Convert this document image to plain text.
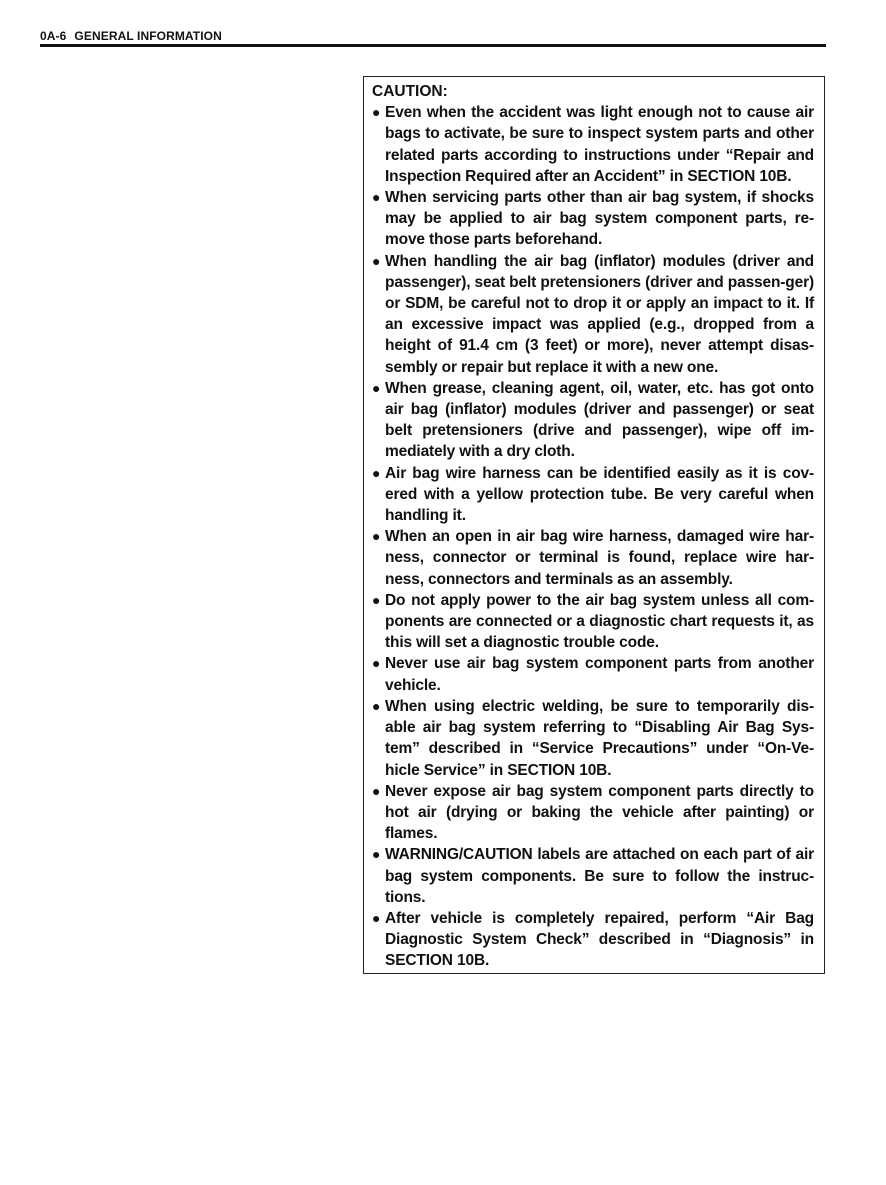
0A-6 GENERAL INFORMATION

CAUTION:

● Even when the accident was light enough not to cause air bags to activate, be sure to inspect system parts and other related parts according to instructions under “Repair and Inspection Required after an Accident” in SECTION 10B.
● When servicing parts other than air bag system, if shocks may be applied to air bag system component parts, re-move those parts beforehand.
● When handling the air bag (inflator) modules (driver and passenger), seat belt pretensioners (driver and passen-ger) or SDM, be careful not to drop it or apply an impact to it. If an excessive impact was applied (e.g., dropped from a height of 91.4 cm (3 feet) or more), never attempt disas-sembly or repair but replace it with a new one.
● When grease, cleaning agent, oil, water, etc. has got onto air bag (inflator) modules (driver and passenger) or seat belt pretensioners (drive and passenger), wipe off im-mediately with a dry cloth.
● Air bag wire harness can be identified easily as it is cov-ered with a yellow protection tube. Be very careful when handling it.
● When an open in air bag wire harness, damaged wire har-ness, connector or terminal is found, replace wire har-ness, connectors and terminals as an assembly.
● Do not apply power to the air bag system unless all com-ponents are connected or a diagnostic chart requests it, as this will set a diagnostic trouble code.
● Never use air bag system component parts from another vehicle.
● When using electric welding, be sure to temporarily dis-able air bag system referring to “Disabling Air Bag Sys-tem” described in “Service Precautions” under “On-Ve-hicle Service” in SECTION 10B.
● Never expose air bag system component parts directly to hot air (drying or baking the vehicle after painting) or flames.
● WARNING/CAUTION labels are attached on each part of air bag system components. Be sure to follow the instruc-tions.
● After vehicle is completely repaired, perform “Air Bag Diagnostic System Check” described in “Diagnosis” in SECTION 10B.
